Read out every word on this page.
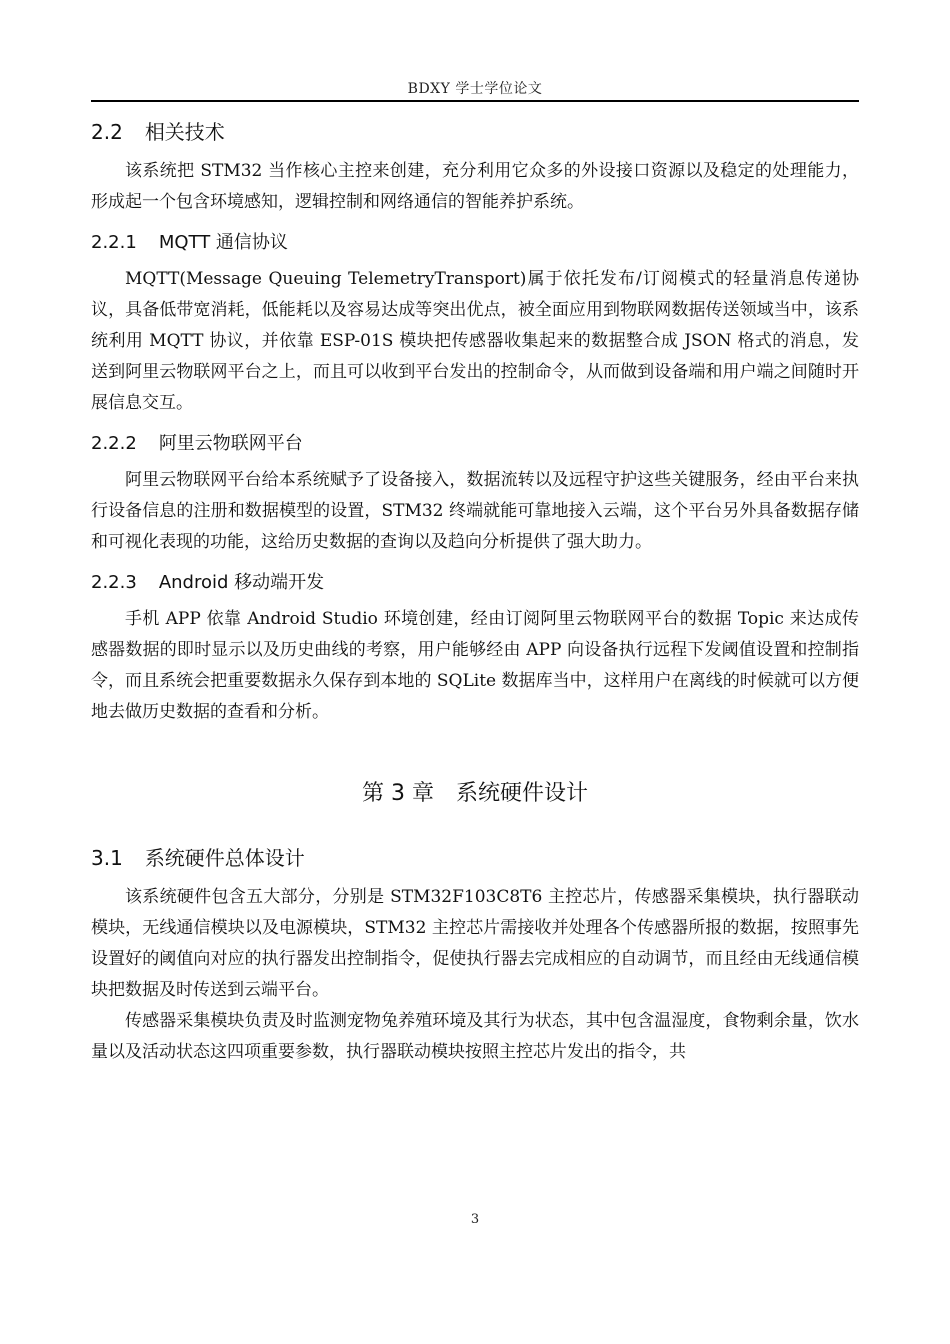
BDXY 学士学位论文
2.2 相关技术

该系统把 STM32 当作核心主控来创建，充分利用它众多的外设接口资源以及稳定的处理能力，形成起一个包含环境感知，逻辑控制和网络通信的智能养护系统。

2.2.1 MQTT 通信协议

MQTT(Message Queuing TelemetryTransport)属于依托发布/订阅模式的轻量消息传递协议，具备低带宽消耗，低能耗以及容易达成等突出优点，被全面应用到物联网数据传送领域当中，该系统利用 MQTT 协议，并依靠 ESP-01S 模块把传感器收集起来的数据整合成 JSON 格式的消息，发送到阿里云物联网平台之上，而且可以收到平台发出的控制命令，从而做到设备端和用户端之间随时开展信息交互。

2.2.2 阿里云物联网平台

阿里云物联网平台给本系统赋予了设备接入，数据流转以及远程守护这些关键服务，经由平台来执行设备信息的注册和数据模型的设置，STM32 终端就能可靠地接入云端，这个平台另外具备数据存储和可视化表现的功能，这给历史数据的查询以及趋向分析提供了强大助力。

2.2.3 Android 移动端开发

手机 APP 依靠 Android Studio 环境创建，经由订阅阿里云物联网平台的数据 Topic 来达成传感器数据的即时显示以及历史曲线的考察，用户能够经由 APP 向设备执行远程下发阈值设置和控制指令，而且系统会把重要数据永久保存到本地的 SQLite 数据库当中，这样用户在离线的时候就可以方便地去做历史数据的查看和分析。

第 3 章 系统硬件设计
3.1 系统硬件总体设计

该系统硬件包含五大部分，分别是 STM32F103C8T6 主控芯片，传感器采集模块，执行器联动模块，无线通信模块以及电源模块，STM32 主控芯片需接收并处理各个传感器所报的数据，按照事先设置好的阈值向对应的执行器发出控制指令，促使执行器去完成相应的自动调节，而且经由无线通信模块把数据及时传送到云端平台。

传感器采集模块负责及时监测宠物兔养殖环境及其行为状态，其中包含温湿度，食物剩余量，饮水量以及活动状态这四项重要参数，执行器联动模块按照主控芯片发出的指令，共

3
